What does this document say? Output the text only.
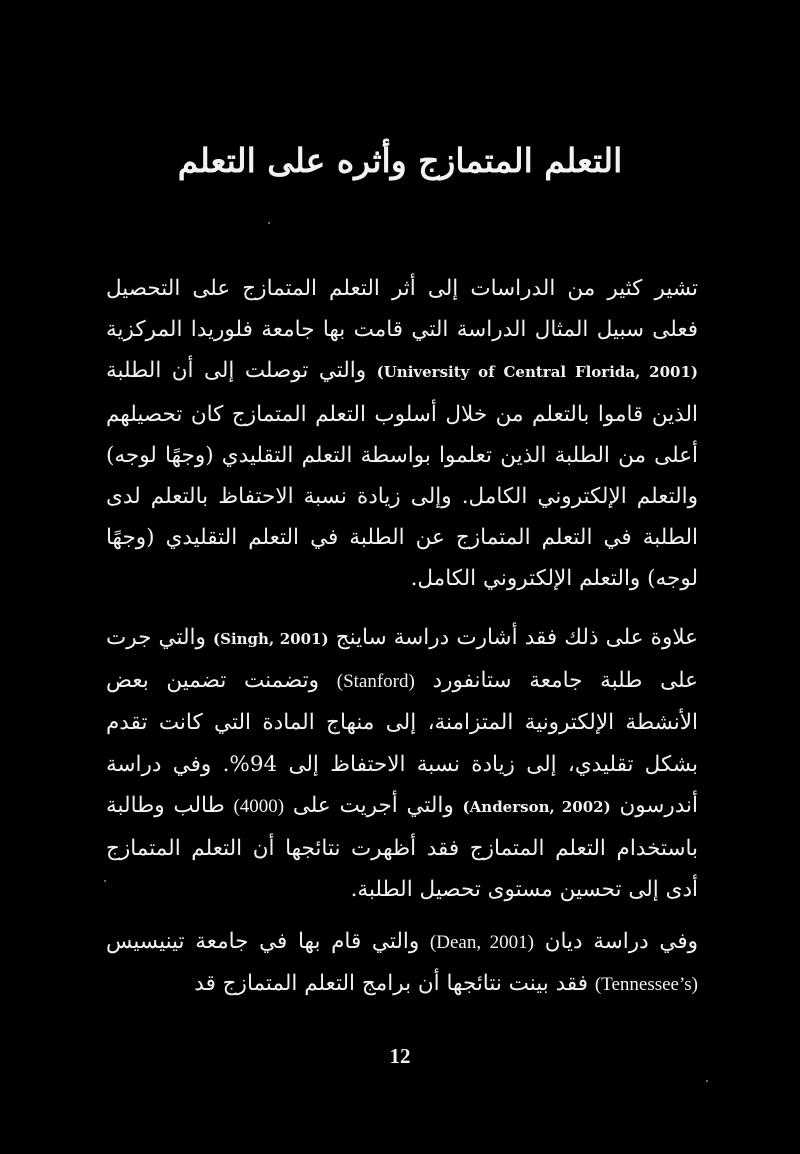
التعلم المتمازج وأثره على التعلم

تشير كثير من الدراسات إلى أثر التعلم المتمازج على التحصيل فعلى سبيل المثال الدراسة التي قامت بها جامعة فلوريدا المركزية (University of Central Florida, 2001) والتي توصلت إلى أن الطلبة الذين قاموا بالتعلم من خلال أسلوب التعلم المتمازج كان تحصيلهم أعلى من الطلبة الذين تعلموا بواسطة التعلم التقليدي (وجهًا لوجه) والتعلم الإلكتروني الكامل. وإلى زيادة نسبة الاحتفاظ بالتعلم لدى الطلبة في التعلم المتمازج عن الطلبة في التعلم التقليدي (وجهًا لوجه) والتعلم الإلكتروني الكامل.

علاوة على ذلك فقد أشارت دراسة ساينج (Singh, 2001) والتي جرت على طلبة جامعة ستانفورد (Stanford) وتضمنت تضمين بعض الأنشطة الإلكترونية المتزامنة، إلى منهاج المادة التي كانت تقدم بشكل تقليدي، إلى زيادة نسبة الاحتفاظ إلى 94%. وفي دراسة أندرسون (Anderson, 2002) والتي أجريت على (4000) طالب وطالبة باستخدام التعلم المتمازج فقد أظهرت نتائجها أن التعلم المتمازج أدى إلى تحسين مستوى تحصيل الطلبة.

وفي دراسة ديان (Dean, 2001) والتي قام بها في جامعة تينيسيس (Tennessee’s) فقد بينت نتائجها أن برامج التعلم المتمازج قد

12
